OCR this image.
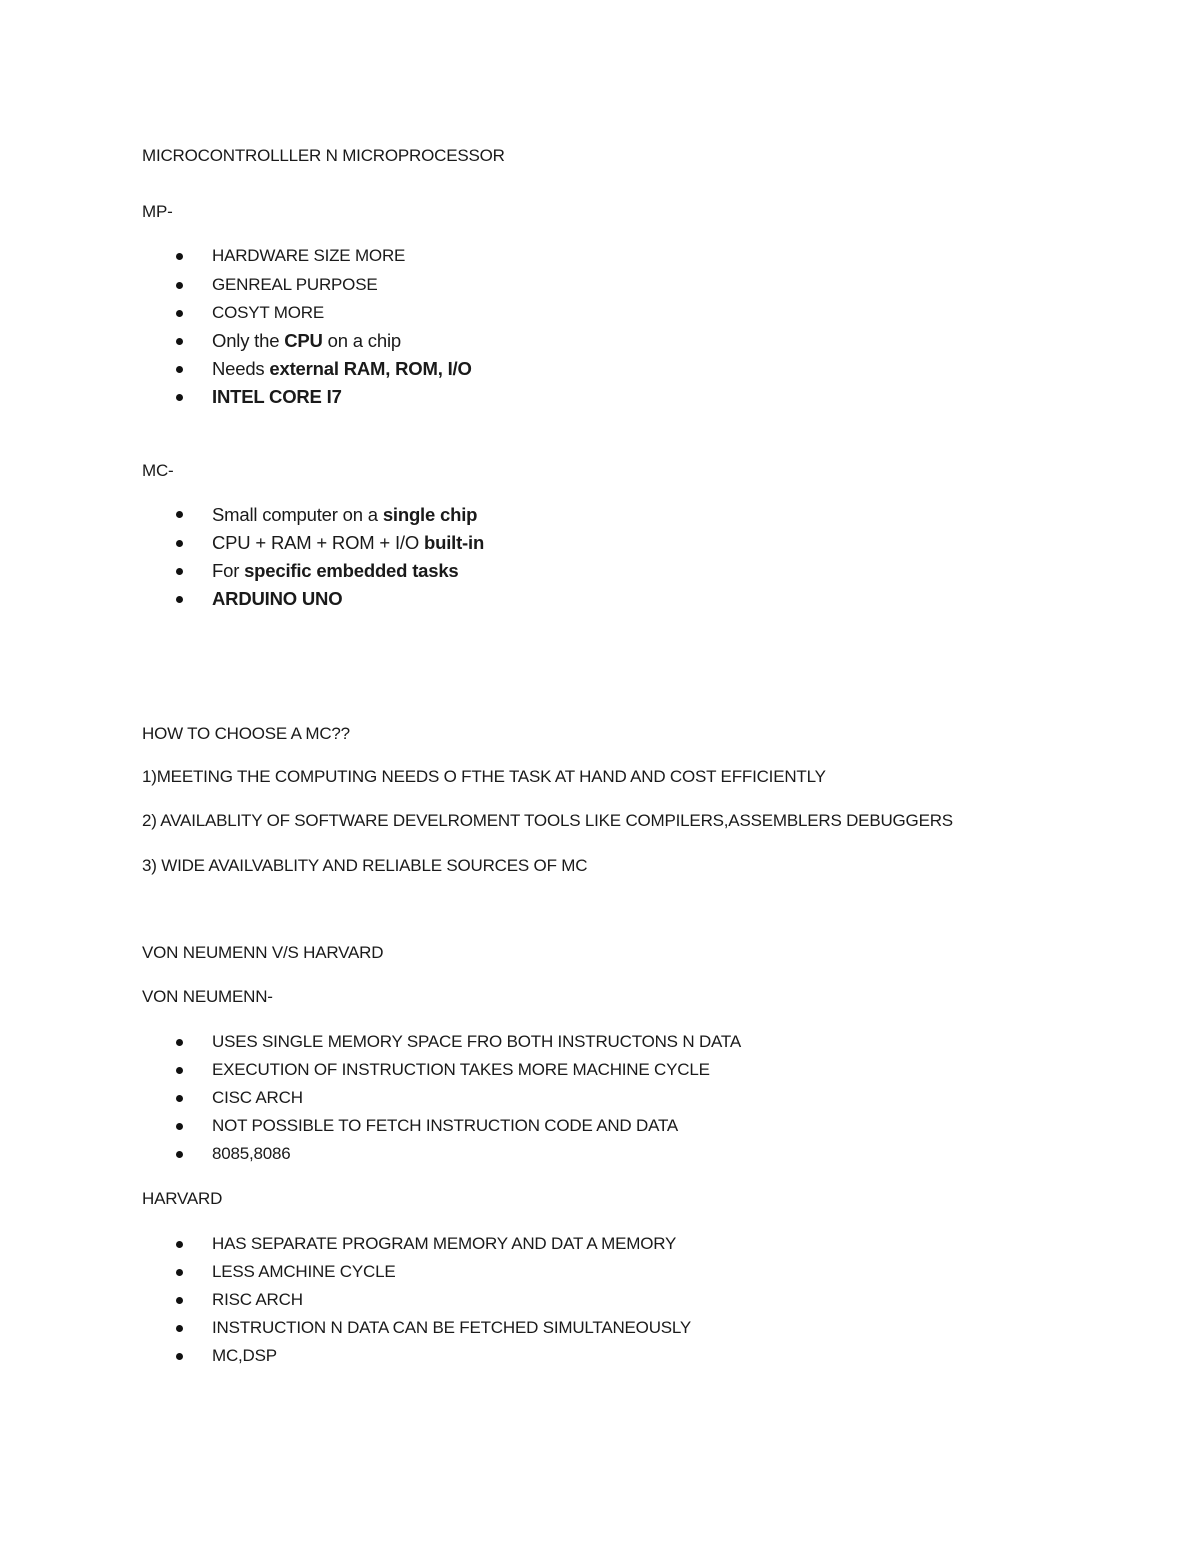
MICROCONTROLLLER N MICROPROCESSOR
MP-
HARDWARE SIZE MORE
GENREAL PURPOSE
COSYT MORE
Only the CPU on a chip
Needs external RAM, ROM, I/O
INTEL CORE I7
MC-
Small computer on a single chip
CPU + RAM + ROM + I/O built-in
For specific embedded tasks
ARDUINO UNO
HOW TO CHOOSE A MC??
1)MEETING THE COMPUTING NEEDS O FTHE TASK AT HAND AND COST EFFICIENTLY
2) AVAILABLITY OF SOFTWARE DEVELROMENT TOOLS LIKE COMPILERS,ASSEMBLERS DEBUGGERS
3) WIDE AVAILVABLITY AND RELIABLE SOURCES OF MC
VON NEUMENN V/S HARVARD
VON NEUMENN-
USES SINGLE MEMORY SPACE FRO BOTH INSTRUCTONS N DATA
EXECUTION OF INSTRUCTION TAKES MORE MACHINE CYCLE
CISC ARCH
NOT POSSIBLE TO FETCH INSTRUCTION CODE AND DATA
8085,8086
HARVARD
HAS SEPARATE PROGRAM MEMORY AND DAT A MEMORY
LESS AMCHINE CYCLE
RISC ARCH
INSTRUCTION N DATA CAN BE FETCHED SIMULTANEOUSLY
MC,DSP
